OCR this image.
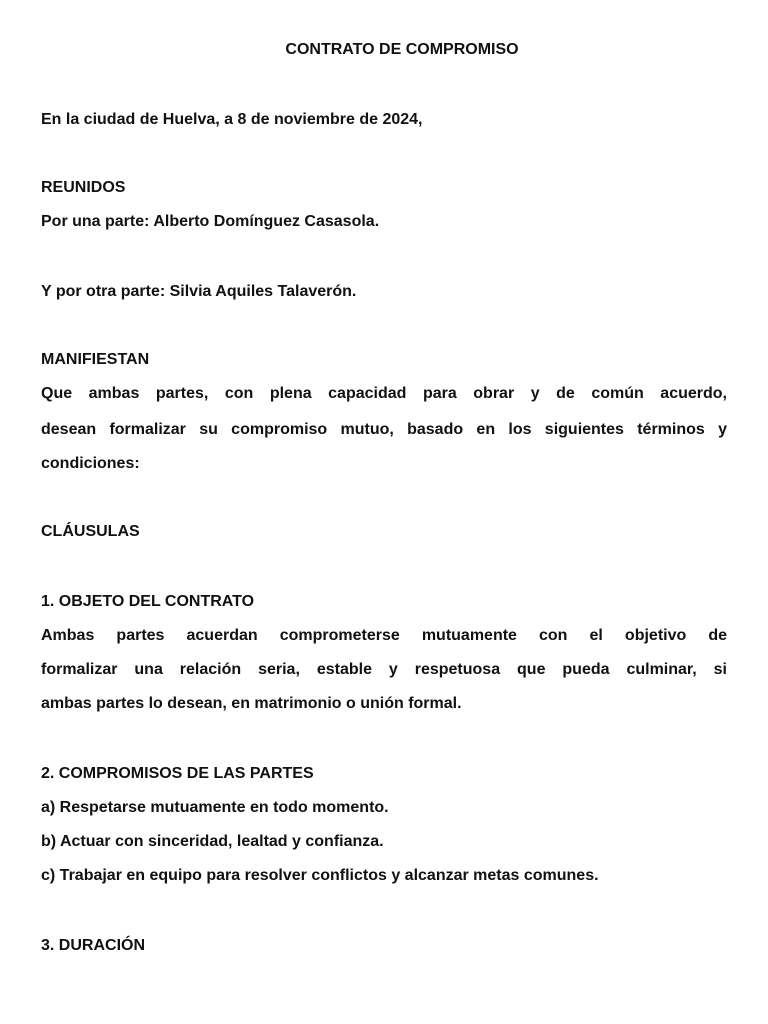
CONTRATO DE COMPROMISO
En la ciudad de Huelva, a 8 de noviembre de 2024,
REUNIDOS
Por una parte: Alberto Domínguez Casasola.
Y por otra parte: Silvia Aquiles Talaverón.
MANIFIESTAN
Que ambas partes, con plena capacidad para obrar y de común acuerdo,
desean formalizar su compromiso mutuo, basado en los siguientes términos y
condiciones:
CLÁUSULAS
1. OBJETO DEL CONTRATO
Ambas partes acuerdan comprometerse mutuamente con el objetivo de
formalizar una relación seria, estable y respetuosa que pueda culminar, si
ambas partes lo desean, en matrimonio o unión formal.
2. COMPROMISOS DE LAS PARTES
a) Respetarse mutuamente en todo momento.
b) Actuar con sinceridad, lealtad y confianza.
c) Trabajar en equipo para resolver conflictos y alcanzar metas comunes.
3. DURACIÓN
